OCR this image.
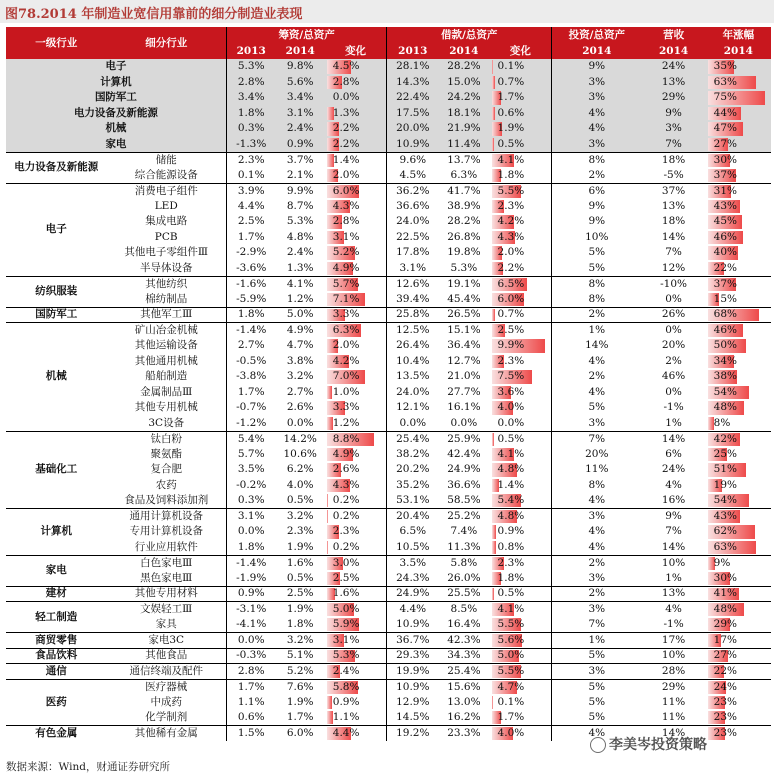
图78.2014 年制造业宽信用靠前的细分制造业表现
一级行业	细分行业	筹资/总资产			借款/总资产			投资/总资产	营收	年涨幅
		2013	2014	变化	2013	2014	变化	2014	2014	2014
电子		5.3%	9.8%	4.5%	28.1%	28.2%	0.1%	9%	24%	35%
计算机		2.8%	5.6%	2.8%	14.3%	15.0%	0.7%	3%	13%	63%
国防军工		3.4%	3.4%	0.0%	22.4%	24.2%	1.7%	3%	29%	75%
电力设备及新能源		1.8%	3.1%	1.3%	17.5%	18.1%	0.6%	4%	9%	44%
机械		0.3%	2.4%	2.2%	20.0%	21.9%	1.9%	4%	3%	47%
家电		-1.3%	0.9%	2.2%	10.9%	11.4%	0.5%	3%	7%	27%
电力设备及新能源	储能	2.3%	3.7%	1.4%	9.6%	13.7%	4.1%	8%	18%	30%
	综合能源设备	0.1%	2.1%	2.0%	4.5%	6.3%	1.8%	2%	-5%	37%
电子	消费电子组件	3.9%	9.9%	6.0%	36.2%	41.7%	5.5%	6%	37%	31%
	LED	4.4%	8.7%	4.3%	36.6%	38.9%	2.3%	9%	13%	43%
	集成电路	2.5%	5.3%	2.8%	24.0%	28.2%	4.2%	9%	18%	45%
	PCB	1.7%	4.8%	3.1%	22.5%	26.8%	4.3%	10%	14%	46%
	其他电子零组件Ⅲ	-2.9%	2.4%	5.2%	17.8%	19.8%	2.0%	5%	7%	40%
	半导体设备	-3.6%	1.3%	4.9%	3.1%	5.3%	2.2%	5%	12%	22%
纺织服装	其他纺织	-1.6%	4.1%	5.7%	12.6%	19.1%	6.5%	8%	-10%	37%
	棉纺制品	-5.9%	1.2%	7.1%	39.4%	45.4%	6.0%	8%	0%	15%
国防军工	其他军工Ⅲ	1.8%	5.0%	3.3%	25.8%	26.5%	0.7%	2%	26%	68%
机械	矿山冶金机械	-1.4%	4.9%	6.3%	12.5%	15.1%	2.5%	1%	0%	46%
	其他运输设备	2.7%	4.7%	2.0%	26.4%	36.4%	9.9%	14%	20%	50%
	其他通用机械	-0.5%	3.8%	4.2%	10.4%	12.7%	2.3%	4%	2%	34%
	船舶制造	-3.8%	3.2%	7.0%	13.5%	21.0%	7.5%	2%	46%	38%
	金属制品Ⅲ	1.7%	2.7%	1.0%	24.0%	27.7%	3.6%	4%	0%	54%
	其他专用机械	-0.7%	2.6%	3.3%	12.1%	16.1%	4.0%	5%	-1%	48%
	3C设备	-1.2%	0.0%	1.2%	0.0%	0.0%	0.0%	3%	1%	8%
基础化工	钛白粉	5.4%	14.2%	8.8%	25.4%	25.9%	0.5%	7%	14%	42%
	聚氨酯	5.7%	10.6%	4.9%	38.2%	42.4%	4.1%	20%	6%	25%
	复合肥	3.5%	6.2%	2.6%	20.2%	24.9%	4.8%	11%	24%	51%
	农药	-0.2%	4.0%	4.3%	35.2%	36.6%	1.4%	8%	4%	19%
	食品及饲料添加剂	0.3%	0.5%	0.2%	53.1%	58.5%	5.4%	4%	16%	54%
计算机	通用计算机设备	3.1%	3.2%	0.2%	20.4%	25.2%	4.8%	3%	9%	43%
	专用计算机设备	0.0%	2.3%	2.3%	6.5%	7.4%	0.9%	4%	7%	62%
	行业应用软件	1.8%	1.9%	0.2%	10.5%	11.3%	0.8%	4%	14%	63%
家电	白色家电Ⅲ	-1.4%	1.6%	3.0%	3.5%	5.8%	2.3%	2%	10%	9%
	黑色家电Ⅲ	-1.9%	0.5%	2.5%	24.3%	26.0%	1.8%	3%	1%	30%
建材	其他专用材料	0.9%	2.5%	1.6%	24.9%	25.5%	0.5%	2%	13%	41%
轻工制造	文娱轻工Ⅲ	-3.1%	1.9%	5.0%	4.4%	8.5%	4.1%	3%	4%	48%
	家具	-4.1%	1.8%	5.9%	10.9%	16.4%	5.5%	7%	-1%	29%
商贸零售	家电3C	0.0%	3.2%	3.1%	36.7%	42.3%	5.6%	1%	17%	17%
食品饮料	其他食品	-0.3%	5.1%	5.3%	29.3%	34.3%	5.0%	5%	10%	27%
通信	通信终端及配件	2.8%	5.2%	2.4%	19.9%	25.4%	5.5%	3%	28%	22%
医药	医疗器械	1.7%	7.6%	5.8%	10.9%	15.6%	4.7%	5%	29%	24%
	中成药	1.1%	1.9%	0.9%	12.9%	13.0%	0.1%	5%	11%	23%
	化学制剂	0.6%	1.7%	1.1%	14.5%	16.2%	1.7%	5%	11%	23%
有色金属	其他稀有金属	1.5%	6.0%	4.4%	19.2%	23.3%	4.0%	4%	14%	23%
数据来源：Wind，财通证券研究所
李美岑投资策略
